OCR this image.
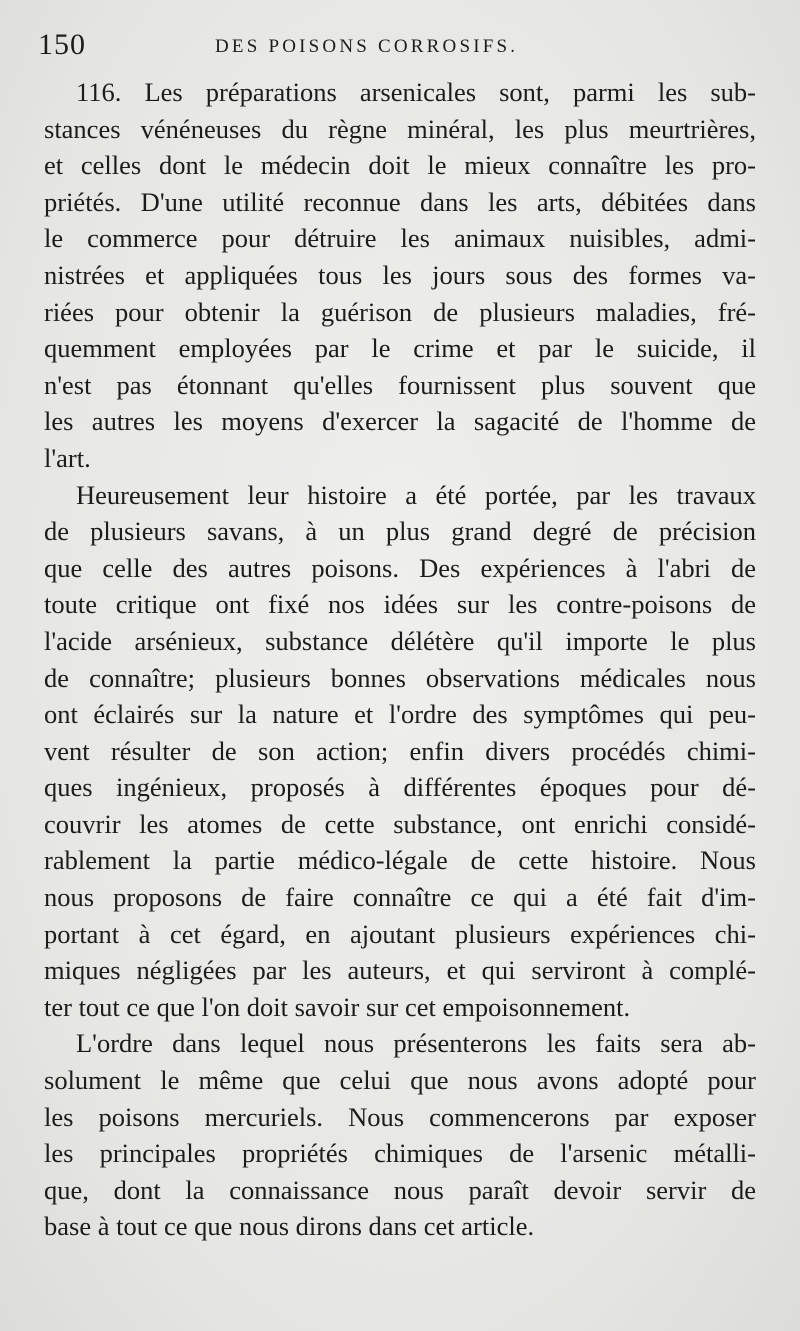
150	DES POISONS CORROSIFS.

116. Les préparations arsenicales sont, parmi les sub-
stances vénéneuses du règne minéral, les plus meurtrières,
et celles dont le médecin doit le mieux connaître les pro-
priétés. D'une utilité reconnue dans les arts, débitées dans
le commerce pour détruire les animaux nuisibles, admi-
nistrées et appliquées tous les jours sous des formes va-
riées pour obtenir la guérison de plusieurs maladies, fré-
quemment employées par le crime et par le suicide, il
n'est pas étonnant qu'elles fournissent plus souvent que
les autres les moyens d'exercer la sagacité de l'homme de
l'art.

Heureusement leur histoire a été portée, par les travaux
de plusieurs savans, à un plus grand degré de précision
que celle des autres poisons. Des expériences à l'abri de
toute critique ont fixé nos idées sur les contre-poisons de
l'acide arsénieux, substance délétère qu'il importe le plus
de connaître; plusieurs bonnes observations médicales nous
ont éclairés sur la nature et l'ordre des symptômes qui peu-
vent résulter de son action; enfin divers procédés chimi-
ques ingénieux, proposés à différentes époques pour dé-
couvrir les atomes de cette substance, ont enrichi considé-
rablement la partie médico-légale de cette histoire. Nous
nous proposons de faire connaître ce qui a été fait d'im-
portant à cet égard, en ajoutant plusieurs expériences chi-
miques négligées par les auteurs, et qui serviront à complé-
ter tout ce que l'on doit savoir sur cet empoisonnement.

L'ordre dans lequel nous présenterons les faits sera ab-
solument le même que celui que nous avons adopté pour
les poisons mercuriels. Nous commencerons par exposer
les principales propriétés chimiques de l'arsenic métalli-
que, dont la connaissance nous paraît devoir servir de
base à tout ce que nous dirons dans cet article.
